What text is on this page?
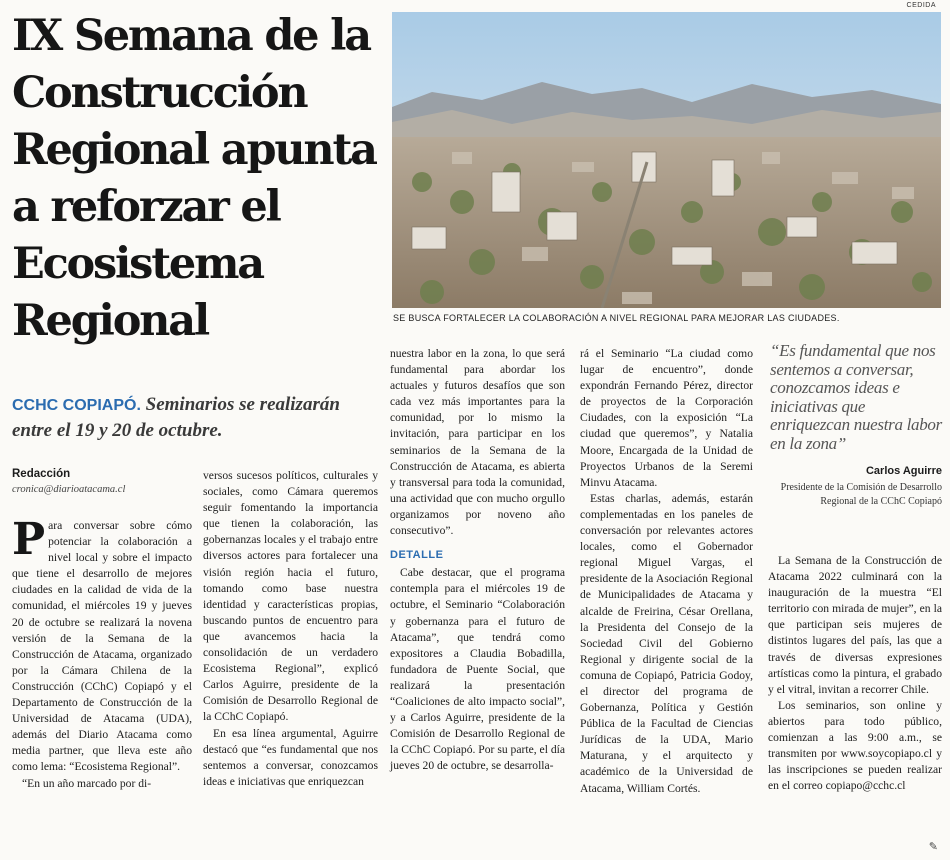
IX Semana de la Construcción Regional apunta a reforzar el Ecosistema Regional
CEDIDA
SE BUSCA FORTALECER LA COLABORACIÓN A NIVEL REGIONAL PARA MEJORAR LAS CIUDADES.
CCHC COPIAPÓ. Seminarios se realizarán entre el 19 y 20 de octubre.
Redacción
cronica@diarioatacama.cl

Para conversar sobre cómo potenciar la colaboración a nivel local y sobre el impacto que tiene el desarrollo de mejores ciudades en la calidad de vida de la comunidad, el miércoles 19 y jueves 20 de octubre se realizará la novena versión de la Semana de la Construcción de Atacama, organizado por la Cámara Chilena de la Construcción (CChC) Copiapó y el Departamento de Construcción de la Universidad de Atacama (UDA), además del Diario Atacama como media partner, que lleva este año como lema: “Ecosistema Regional”.

“En un año marcado por di-

versos sucesos políticos, culturales y sociales, como Cámara queremos seguir fomentando la importancia que tienen la colaboración, las gobernanzas locales y el trabajo entre diversos actores para fortalecer una visión región hacia el futuro, tomando como base nuestra identidad y características propias, buscando puntos de encuentro para que avancemos hacia la consolidación de un verdadero Ecosistema Regional”, explicó Carlos Aguirre, presidente de la Comisión de Desarrollo Regional de la CChC Copiapó.

En esa línea argumental, Aguirre destacó que “es fundamental que nos sentemos a conversar, conozcamos ideas e iniciativas que enriquezcan

nuestra labor en la zona, lo que será fundamental para abordar los actuales y futuros desafíos que son cada vez más importantes para la comunidad, por lo mismo la invitación, para participar en los seminarios de la Semana de la Construcción de Atacama, es abierta y transversal para toda la comunidad, una actividad que con mucho orgullo organizamos por noveno año consecutivo”.

DETALLE

Cabe destacar, que el programa contempla para el miércoles 19 de octubre, el Seminario “Colaboración y gobernanza para el futuro de Atacama”, que tendrá como expositores a Claudia Bobadilla, fundadora de Puente Social, que realizará la presentación “Coaliciones de alto impacto social”, y a Carlos Aguirre, presidente de la Comisión de Desarrollo Regional de la CChC Copiapó. Por su parte, el día jueves 20 de octubre, se desarrolla-

rá el Seminario “La ciudad como lugar de encuentro”, donde expondrán Fernando Pérez, director de proyectos de la Corporación Ciudades, con la exposición “La ciudad que queremos”, y Natalia Moore, Encargada de la Unidad de Proyectos Urbanos de la Seremi Minvu Atacama.

Estas charlas, además, estarán complementadas en los paneles de conversación por relevantes actores locales, como el Gobernador regional Miguel Vargas, el presidente de la Asociación Regional de Municipalidades de Atacama y alcalde de Freirina, César Orellana, la Presidenta del Consejo de la Sociedad Civil del Gobierno Regional y dirigente social de la comuna de Copiapó, Patricia Godoy, el director del programa de Gobernanza, Política y Gestión Pública de la Facultad de Ciencias Jurídicas de la UDA, Mario Maturana, y el arquitecto y académico de la Universidad de Atacama, William Cortés.

“Es fundamental que nos sentemos a conversar, conozcamos ideas e iniciativas que enriquezcan nuestra labor en la zona”
Carlos Aguirre
Presidente de la Comisión de Desarrollo Regional de la CChC Copiapó

La Semana de la Construcción de Atacama 2022 culminará con la inauguración de la muestra “El territorio con mirada de mujer”, en la que participan seis mujeres de distintos lugares del país, las que a través de diversas expresiones artísticas como la pintura, el grabado y el vitral, invitan a recorrer Chile.

Los seminarios, son online y abiertos para todo público, comienzan a las 9:00 a.m., se transmiten por www.soycopiapo.cl y las inscripciones se pueden realizar en el correo copiapo@cchc.cl

✎
